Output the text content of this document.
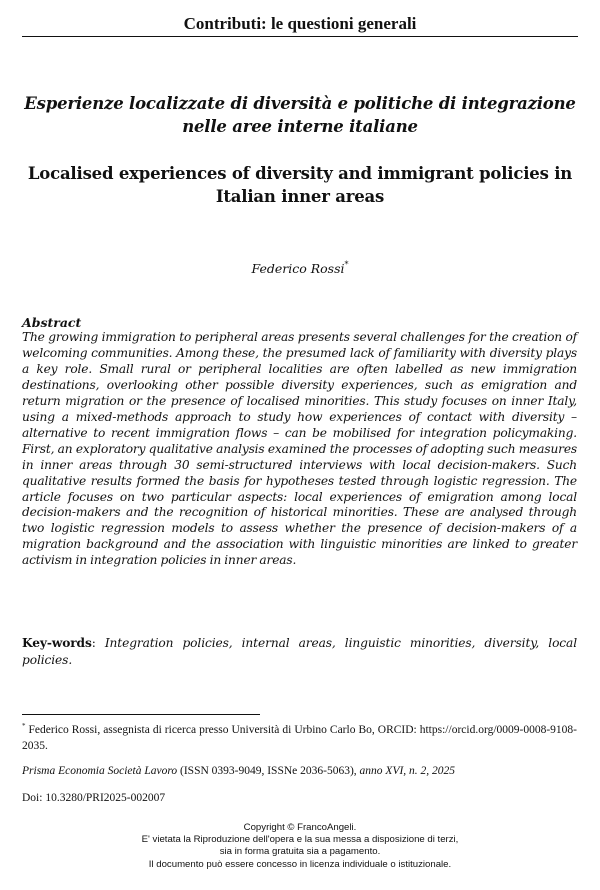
Contributi: le questioni generali
Esperienze localizzate di diversità e politiche di integrazione nelle aree interne italiane
Localised experiences of diversity and immigrant policies in Italian inner areas
Federico Rossi*
Abstract
The growing immigration to peripheral areas presents several challenges for the creation of welcoming communities. Among these, the presumed lack of familiarity with diversity plays a key role. Small rural or peripheral localities are often labelled as new immigration destinations, overlooking other possible diversity experiences, such as emigration and return migration or the presence of localised minorities. This study focuses on inner Italy, using a mixed-methods approach to study how experiences of contact with diversity – alternative to recent immigration flows – can be mobilised for integration policymaking. First, an exploratory qualitative analysis examined the processes of adopting such measures in inner areas through 30 semi-structured interviews with local decision-makers. Such qualitative results formed the basis for hypotheses tested through logistic regression. The article focuses on two particular aspects: local experiences of emigration among local decision-makers and the recognition of historical minorities. These are analysed through two logistic regression models to assess whether the presence of decision-makers of a migration background and the association with linguistic minorities are linked to greater activism in integration policies in inner areas.
Key-words: Integration policies, internal areas, linguistic minorities, diversity, local policies.
* Federico Rossi, assegnista di ricerca presso Università di Urbino Carlo Bo, ORCID: https://orcid.org/0009-0008-9108-2035.
Prisma Economia Società Lavoro (ISSN 0393-9049, ISSNe 2036-5063), anno XVI, n. 2, 2025
Doi: 10.3280/PRI2025-002007
Copyright © FrancoAngeli.
E' vietata la Riproduzione dell'opera e la sua messa a disposizione di terzi,
sia in forma gratuita sia a pagamento.
Il documento può essere concesso in licenza individuale o istituzionale.
